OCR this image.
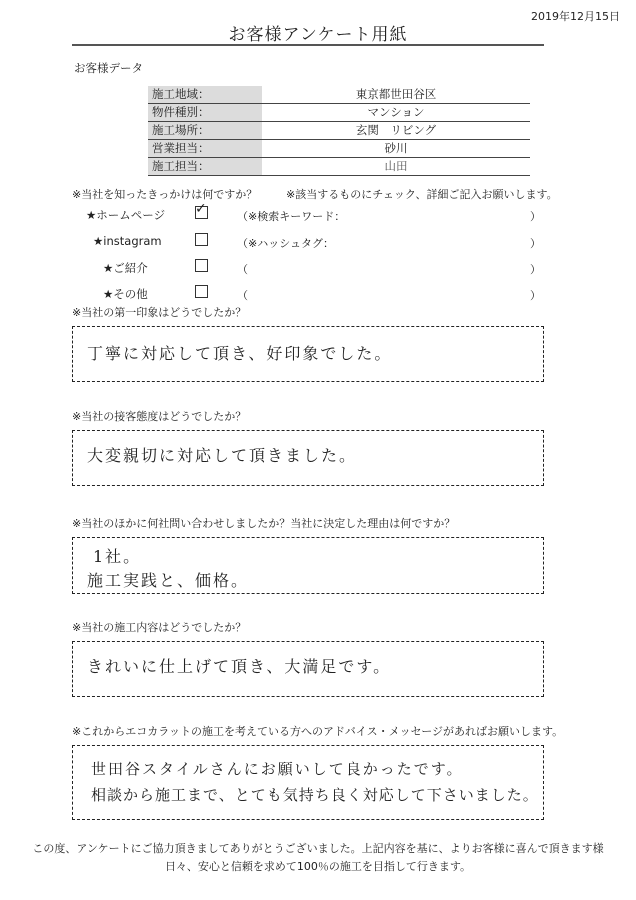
2019年12月15日
お客様アンケート用紙
お客様データ
施工地域：	東京都世田谷区
物件種別：	マンション
施工場所：	玄関　リビング
営業担当：	砂川
施工担当：	山田
※当社を知ったきっかけは何ですか？	※該当するものにチェック、詳細ご記入お願いします。
★ホームページ	✓	（※検索キーワード：	）
★instagram	（※ハッシュタグ：	）
★ご紹介	（	）
★その他	（	）
※当社の第一印象はどうでしたか？
丁寧に対応して頂き、好印象でした。
※当社の接客態度はどうでしたか？
大変親切に対応して頂きました。
※当社のほかに何社問い合わせしましたか？当社に決定した理由は何ですか？
1社。
施工実践と、価格。
※当社の施工内容はどうでしたか？
きれいに仕上げて頂き、大満足です。
※これからエコカラットの施工を考えている方へのアドバイス・メッセージがあればお願いします。
世田谷スタイルさんにお願いして良かったです。
相談から施工まで、とても気持ち良く対応して下さいました。
この度、アンケートにご協力頂きましてありがとうございました。上記内容を基に、よりお客様に喜んで頂きます様
日々、安心と信頼を求めて100％の施工を目指して行きます。
